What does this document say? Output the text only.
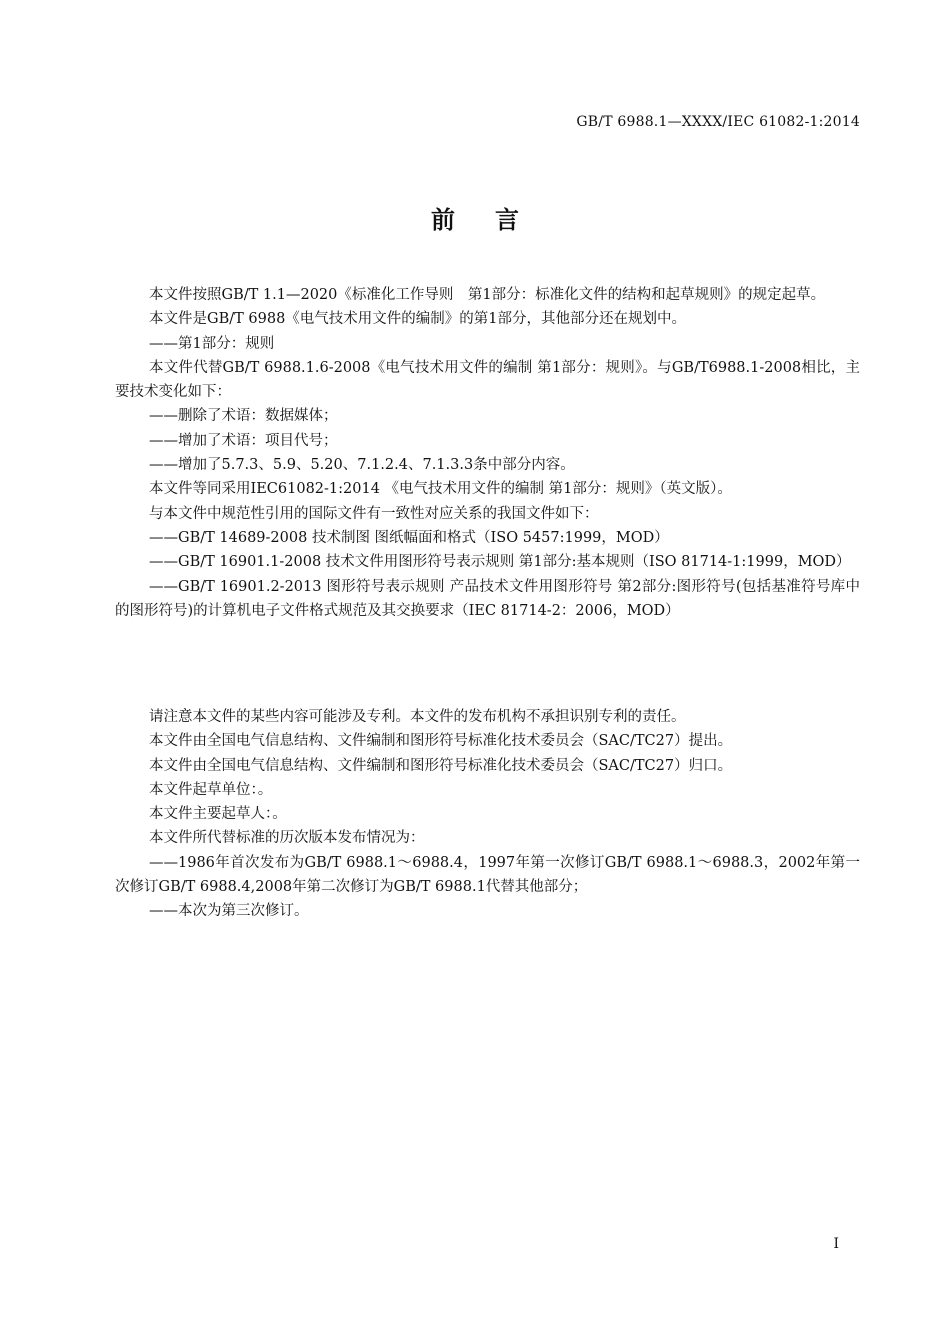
GB/T 6988.1—XXXX/IEC 61082-1:2014
前言

本文件按照GB/T 1.1—2020《标准化工作导则　第1部分：标准化文件的结构和起草规则》的规定起草。

本文件是GB/T 6988《电气技术用文件的编制》的第1部分，其他部分还在规划中。

——第1部分：规则

本文件代替GB/T 6988.1.6-2008《电气技术用文件的编制 第1部分：规则》。与GB/T6988.1-2008相比，主要技术变化如下：

——删除了术语：数据媒体；

——增加了术语：项目代号；

——增加了5.7.3、5.9、5.20、7.1.2.4、7.1.3.3条中部分内容。

本文件等同采用IEC61082-1:2014 《电气技术用文件的编制 第1部分：规则》（英文版）。

与本文件中规范性引用的国际文件有一致性对应关系的我国文件如下：

——GB/T 14689-2008 技术制图 图纸幅面和格式（ISO 5457:1999，MOD）

——GB/T 16901.1-2008 技术文件用图形符号表示规则 第1部分:基本规则（ISO 81714-1:1999，MOD）

——GB/T 16901.2-2013 图形符号表示规则 产品技术文件用图形符号 第2部分:图形符号(包括基准符号库中的图形符号)的计算机电子文件格式规范及其交换要求（IEC 81714-2：2006，MOD）

请注意本文件的某些内容可能涉及专利。本文件的发布机构不承担识别专利的责任。

本文件由全国电气信息结构、文件编制和图形符号标准化技术委员会（SAC/TC27）提出。

本文件由全国电气信息结构、文件编制和图形符号标准化技术委员会（SAC/TC27）归口。

本文件起草单位：。

本文件主要起草人：。

本文件所代替标准的历次版本发布情况为：

——1986年首次发布为GB/T 6988.1～6988.4，1997年第一次修订GB/T 6988.1～6988.3，2002年第一次修订GB/T 6988.4,2008年第二次修订为GB/T 6988.1代替其他部分；

——本次为第三次修订。

I
